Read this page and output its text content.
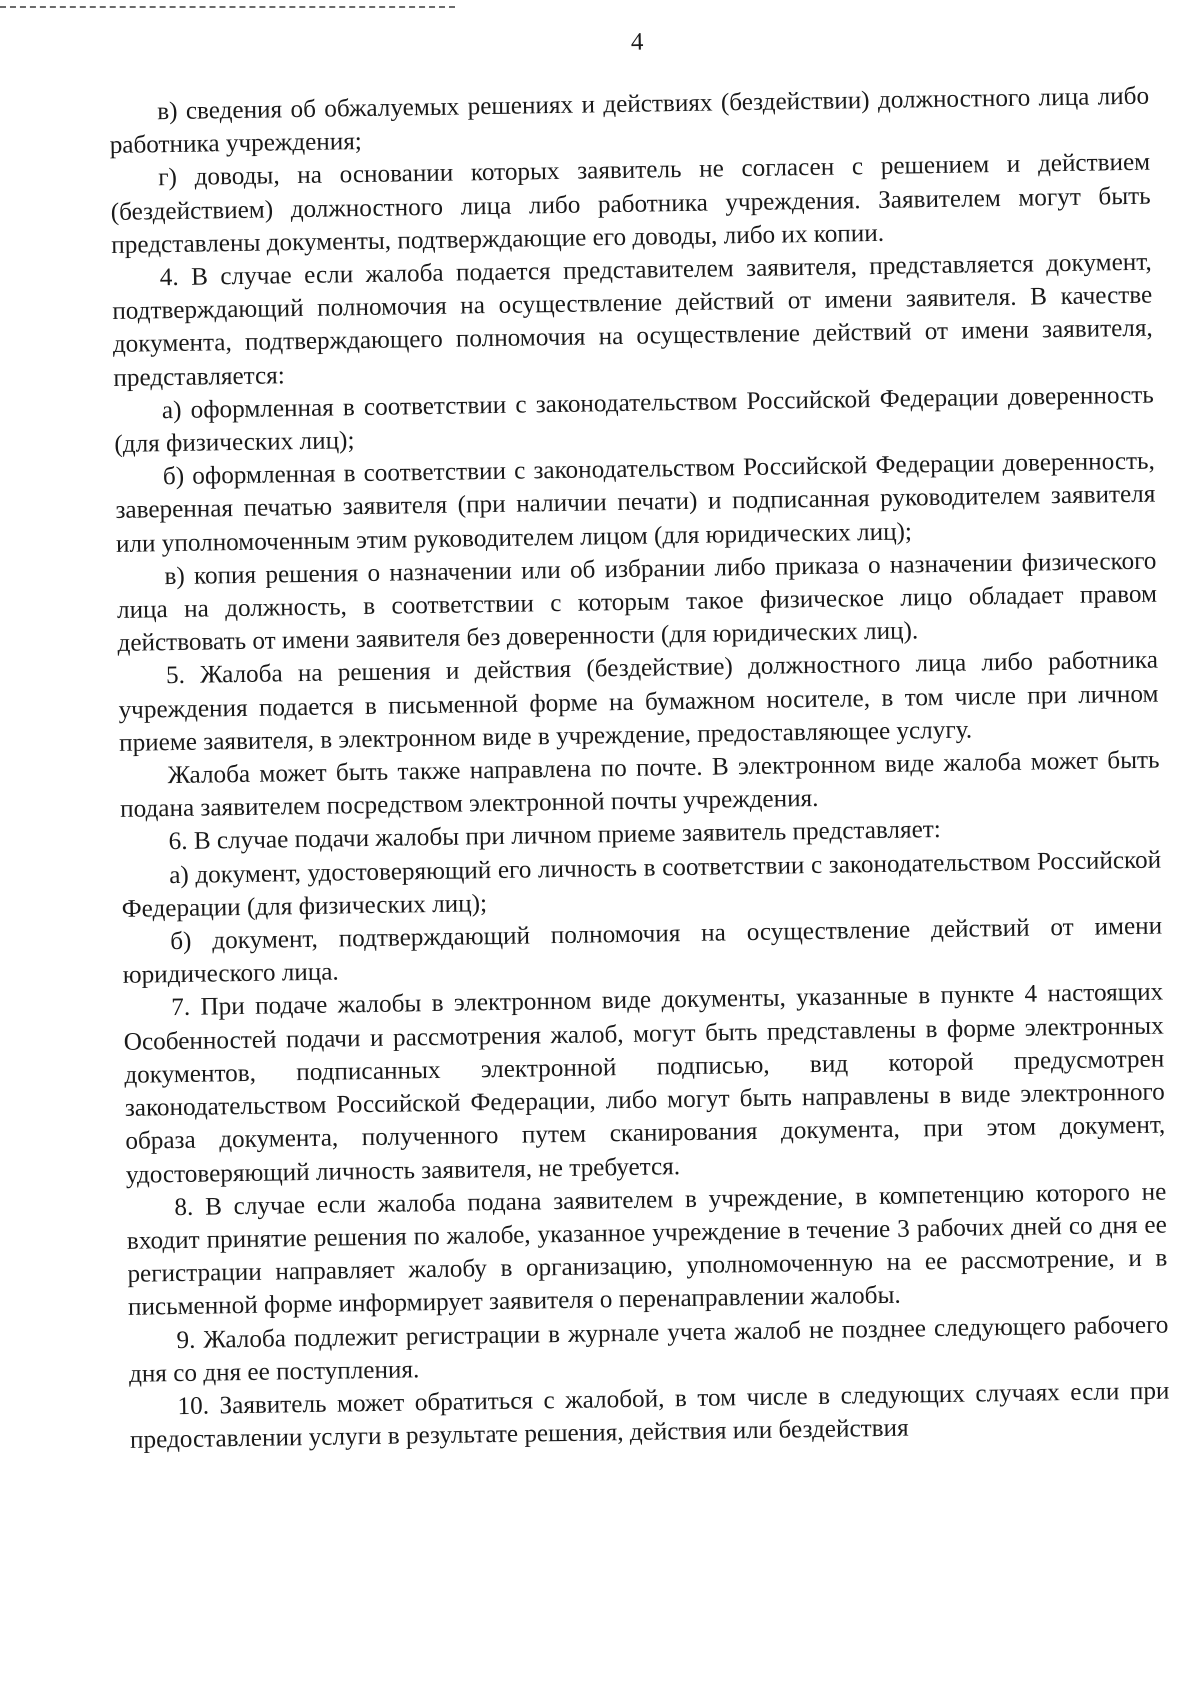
4

в) сведения об обжалуемых решениях и действиях (бездействии) должностного лица либо работника учреждения;

г) доводы, на основании которых заявитель не согласен с решением и действием (бездействием) должностного лица либо работника учреждения. Заявителем могут быть представлены документы, подтверждающие его доводы, либо их копии.

4. В случае если жалоба подается представителем заявителя, представляется документ, подтверждающий полномочия на осуществление действий от имени заявителя. В качестве документа, подтверждающего полномочия на осуществление действий от имени заявителя, представляется:

а) оформленная в соответствии с законодательством Российской Федерации доверенность (для физических лиц);

б) оформленная в соответствии с законодательством Российской Федерации доверенность, заверенная печатью заявителя (при наличии печати) и подписанная руководителем заявителя или уполномоченным этим руководителем лицом (для юридических лиц);

в) копия решения о назначении или об избрании либо приказа о назначении физического лица на должность, в соответствии с которым такое физическое лицо обладает правом действовать от имени заявителя без доверенности (для юридических лиц).

5. Жалоба на решения и действия (бездействие) должностного лица либо работника учреждения подается в письменной форме на бумажном носителе, в том числе при личном приеме заявителя, в электронном виде в учреждение, предоставляющее услугу.

Жалоба может быть также направлена по почте. В электронном виде жалоба может быть подана заявителем посредством электронной почты учреждения.

6. В случае подачи жалобы при личном приеме заявитель представляет:

а) документ, удостоверяющий его личность в соответствии с законодательством Российской Федерации (для физических лиц);

б) документ, подтверждающий полномочия на осуществление действий от имени юридического лица.

7. При подаче жалобы в электронном виде документы, указанные в пункте 4 настоящих Особенностей подачи и рассмотрения жалоб, могут быть представлены в форме электронных документов, подписанных электронной подписью, вид которой предусмотрен законодательством Российской Федерации, либо могут быть направлены в виде электронного образа документа, полученного путем сканирования документа, при этом документ, удостоверяющий личность заявителя, не требуется.

8. В случае если жалоба подана заявителем в учреждение, в компетенцию которого не входит принятие решения по жалобе, указанное учреждение в течение 3 рабочих дней со дня ее регистрации направляет жалобу в организацию, уполномоченную на ее рассмотрение, и в письменной форме информирует заявителя о перенаправлении жалобы.

9. Жалоба подлежит регистрации в журнале учета жалоб не позднее следующего рабочего дня со дня ее поступления.

10. Заявитель может обратиться с жалобой, в том числе в следующих случаях если при предоставлении услуги в результате решения, действия или бездействия
